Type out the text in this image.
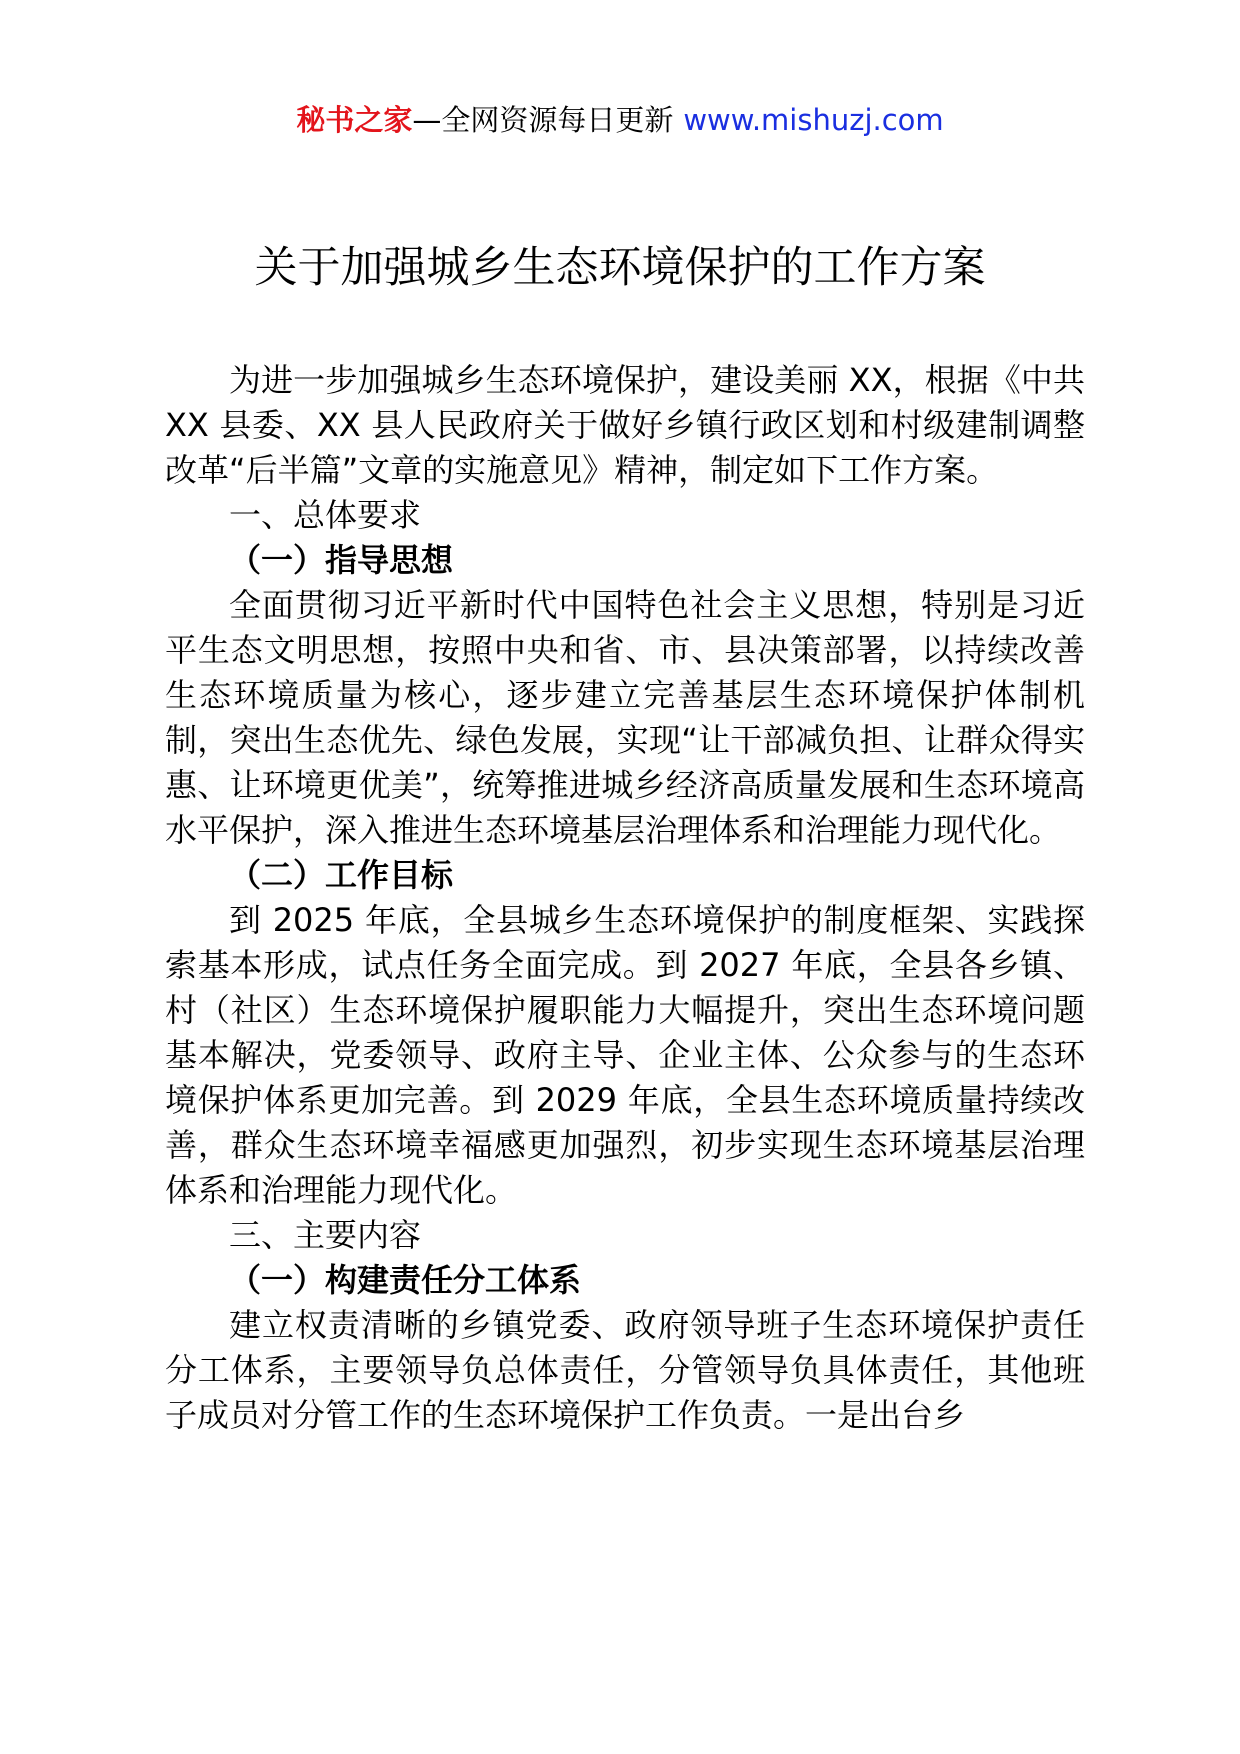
秘书之家—全网资源每日更新 www.mishuzj.com
关于加强城乡生态环境保护的工作方案

为进一步加强城乡生态环境保护，建设美丽 XX，根据《中共 XX 县委、XX 县人民政府关于做好乡镇行政区划和村级建制调整改革“后半篇”文章的实施意见》精神，制定如下工作方案。

一、总体要求

（一）指导思想

全面贯彻习近平新时代中国特色社会主义思想，特别是习近平生态文明思想，按照中央和省、市、县决策部署，以持续改善生态环境质量为核心，逐步建立完善基层生态环境保护体制机制，突出生态优先、绿色发展，实现“让干部减负担、让群众得实惠、让环境更优美”，统筹推进城乡经济高质量发展和生态环境高水平保护，深入推进生态环境基层治理体系和治理能力现代化。

（二）工作目标

到 2025 年底，全县城乡生态环境保护的制度框架、实践探索基本形成，试点任务全面完成。到 2027 年底，全县各乡镇、村（社区）生态环境保护履职能力大幅提升，突出生态环境问题基本解决，党委领导、政府主导、企业主体、公众参与的生态环境保护体系更加完善。到 2029 年底，全县生态环境质量持续改善，群众生态环境幸福感更加强烈，初步实现生态环境基层治理体系和治理能力现代化。

三、主要内容

（一）构建责任分工体系

建立权责清晰的乡镇党委、政府领导班子生态环境保护责任分工体系，主要领导负总体责任，分管领导负具体责任，其他班子成员对分管工作的生态环境保护工作负责。一是出台乡
